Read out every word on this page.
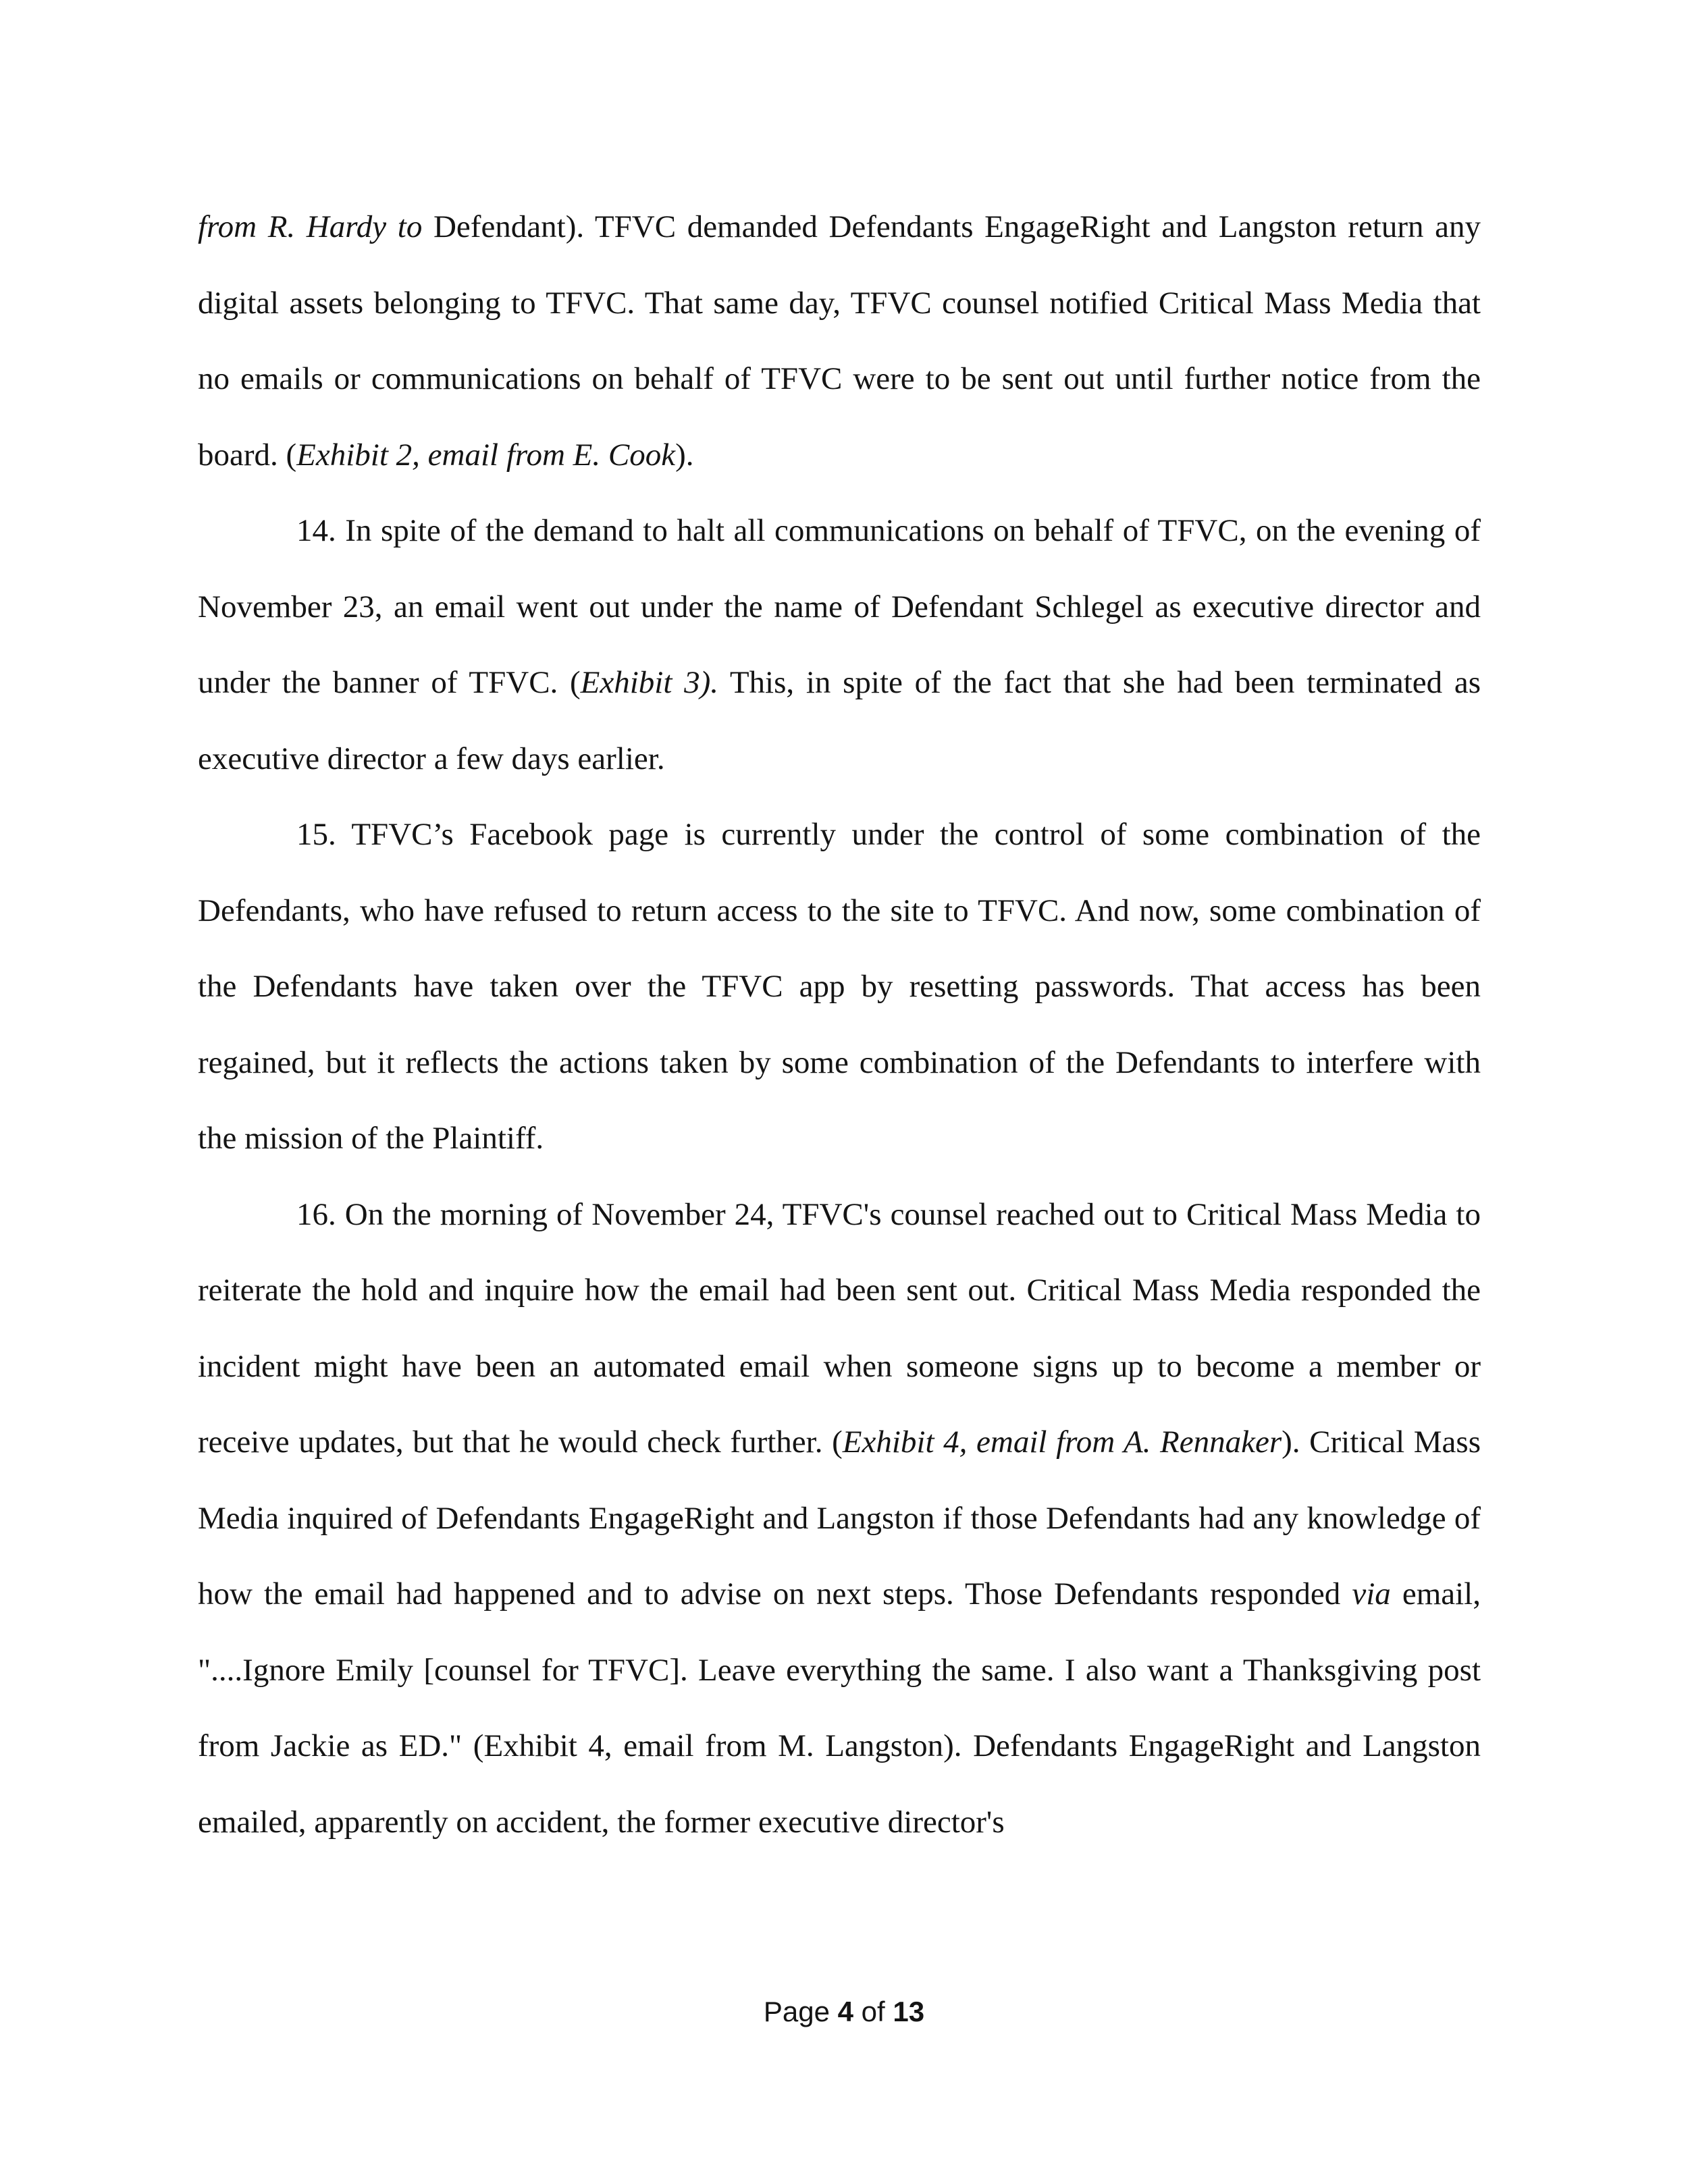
from R. Hardy to Defendant). TFVC demanded Defendants EngageRight and Langston return any digital assets belonging to TFVC. That same day, TFVC counsel notified Critical Mass Media that no emails or communications on behalf of TFVC were to be sent out until further notice from the board. (Exhibit 2, email from E. Cook).

14. In spite of the demand to halt all communications on behalf of TFVC, on the evening of November 23, an email went out under the name of Defendant Schlegel as executive director and under the banner of TFVC. (Exhibit 3). This, in spite of the fact that she had been terminated as executive director a few days earlier.

15. TFVC’s Facebook page is currently under the control of some combination of the Defendants, who have refused to return access to the site to TFVC. And now, some combination of the Defendants have taken over the TFVC app by resetting passwords. That access has been regained, but it reflects the actions taken by some combination of the Defendants to interfere with the mission of the Plaintiff.

16. On the morning of November 24, TFVC's counsel reached out to Critical Mass Media to reiterate the hold and inquire how the email had been sent out. Critical Mass Media responded the incident might have been an automated email when someone signs up to become a member or receive updates, but that he would check further. (Exhibit 4, email from A. Rennaker). Critical Mass Media inquired of Defendants EngageRight and Langston if those Defendants had any knowledge of how the email had happened and to advise on next steps. Those Defendants responded via email, "....Ignore Emily [counsel for TFVC]. Leave everything the same. I also want a Thanksgiving post from Jackie as ED." (Exhibit 4, email from M. Langston). Defendants EngageRight and Langston emailed, apparently on accident, the former executive director's

Page 4 of 13
